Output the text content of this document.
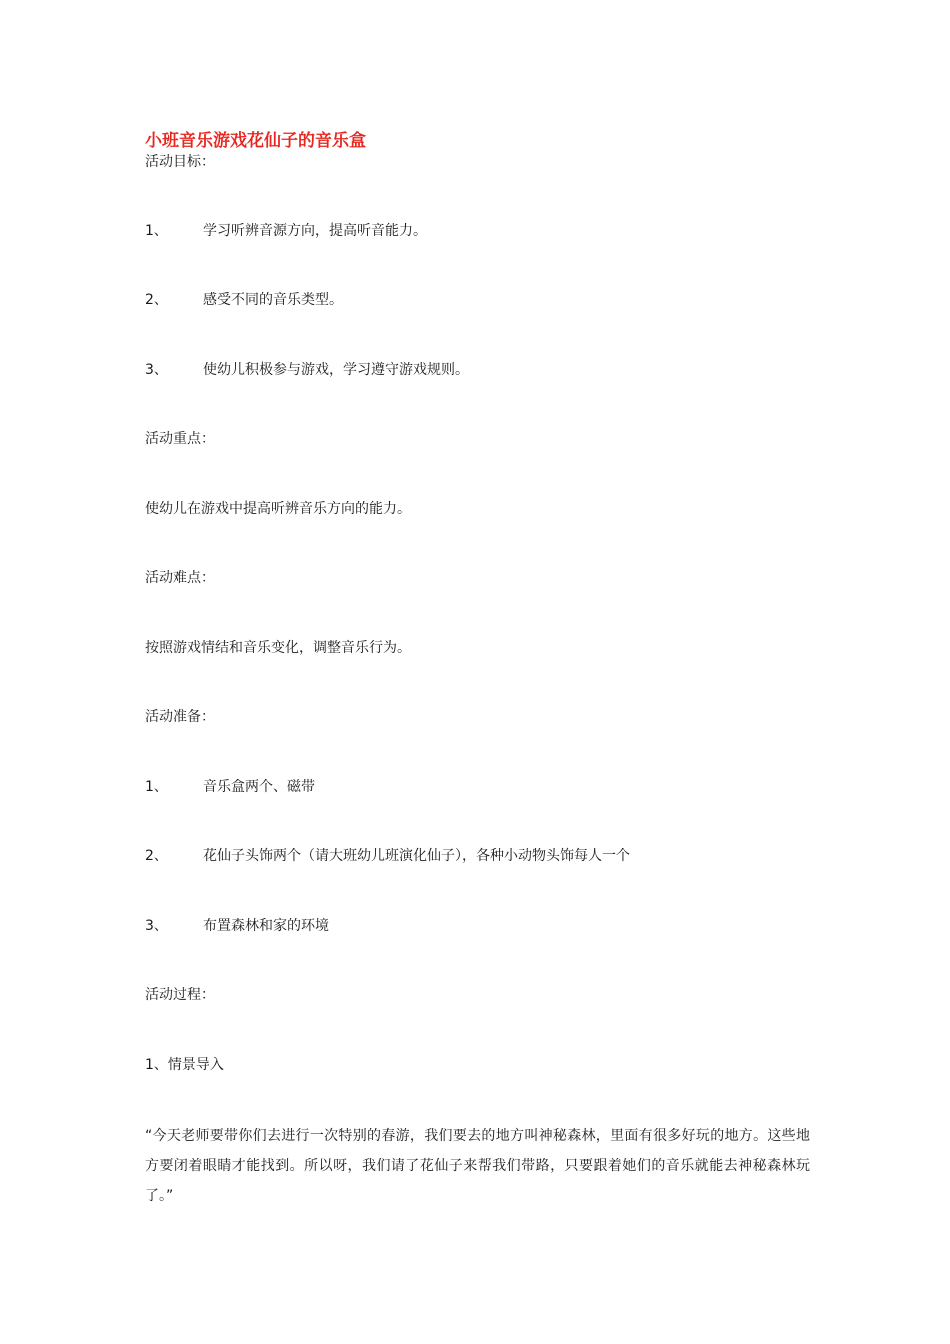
小班音乐游戏花仙子的音乐盒
活动目标：
1、	学习听辨音源方向，提高听音能力。
2、	感受不同的音乐类型。
3、	使幼儿积极参与游戏，学习遵守游戏规则。
活动重点：
使幼儿在游戏中提高听辨音乐方向的能力。
活动难点：
按照游戏情结和音乐变化，调整音乐行为。
活动准备：
1、	音乐盒两个、磁带
2、	花仙子头饰两个（请大班幼儿班演化仙子），各种小动物头饰每人一个
3、	布置森林和家的环境
活动过程：
1、情景导入
“今天老师要带你们去进行一次特别的春游，我们要去的地方叫神秘森林，里面有很多好玩的地方。这些地方要闭着眼睛才能找到。所以呀，我们请了花仙子来帮我们带路，只要跟着她们的音乐就能去神秘森林玩了。”
